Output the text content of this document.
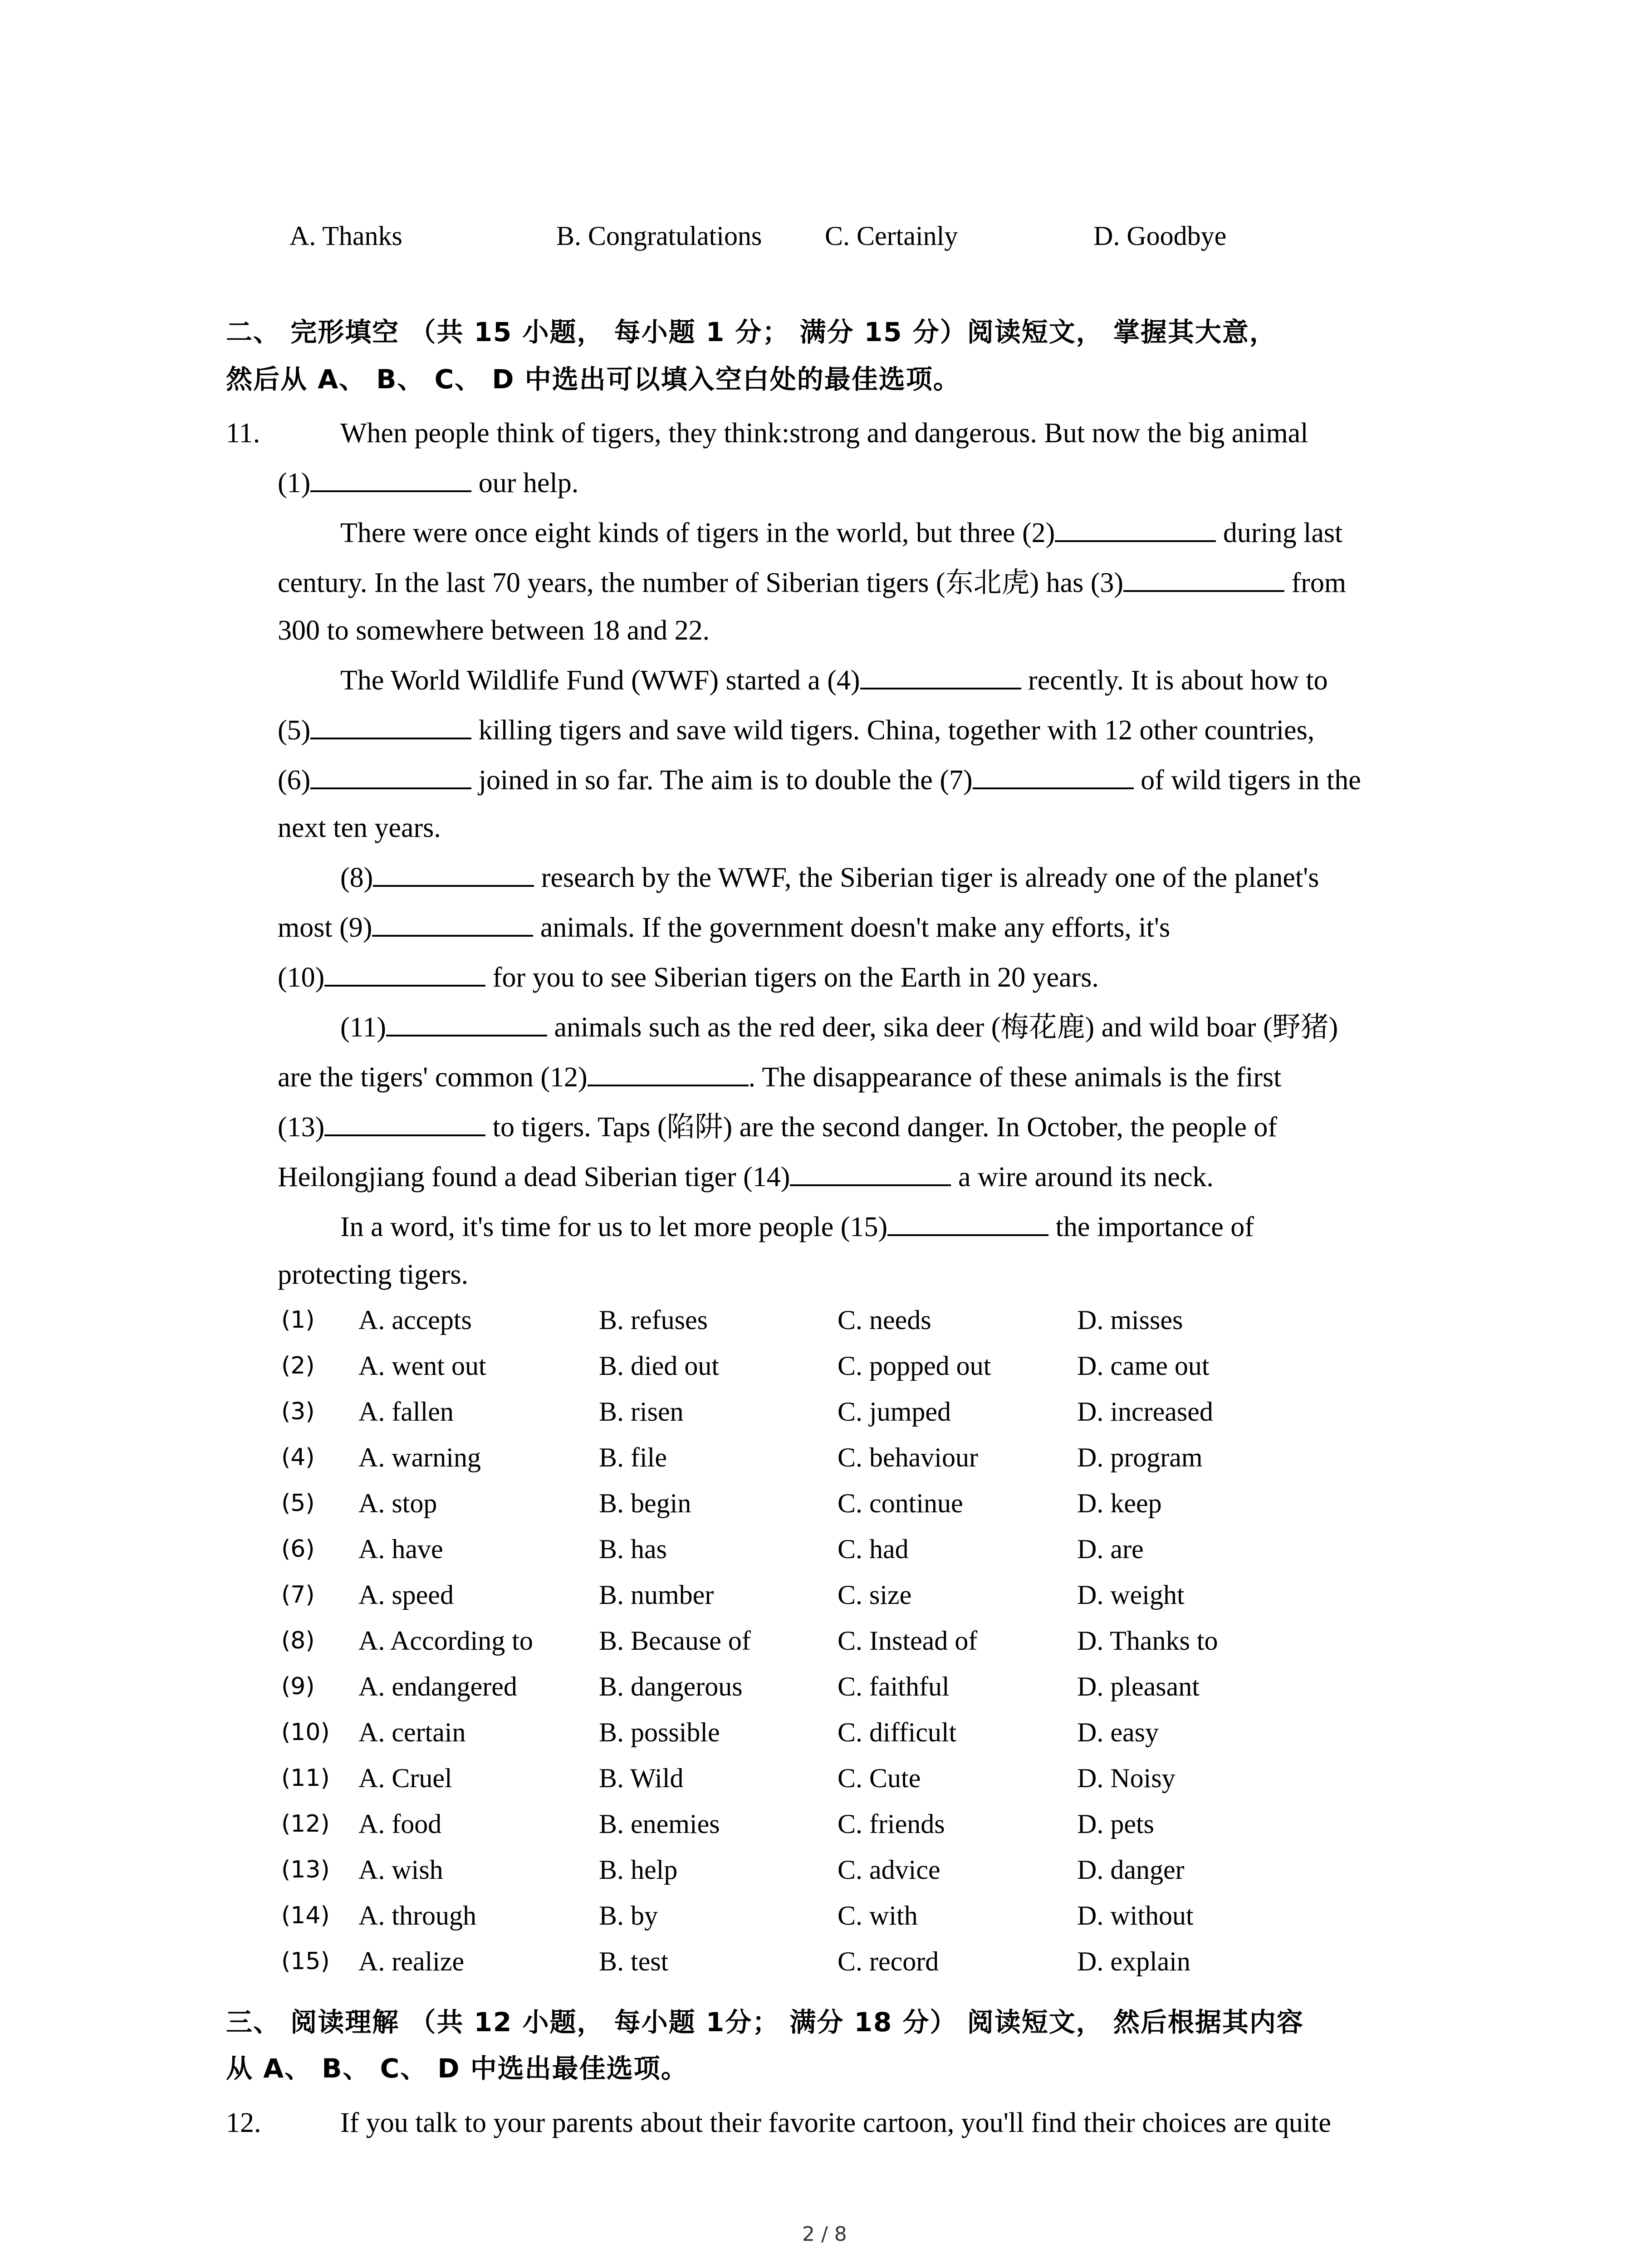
A. Thanks	B. Congratulations C. Certainly	D. Goodbye
二、 完形填空 （共 15 小题， 每小题 1 分； 满分 15 分）阅读短文， 掌握其大意，
然后从 A、 B、 C、 D 中选出可以填入空白处的最佳选项。
11.	When people think of tigers, they think:strong and dangerous. But now the big animal
(1)	our help.
There were once eight kinds of tigers in the world, but three (2)	during last
century. In the last 70 years, the number of Siberian tigers (东北虎) has (3)	from
300 to somewhere between 18 and 22.
The World Wildlife Fund (WWF) started a (4)	recently. It is about how to
(5)	killing tigers and save wild tigers. China, together with 12 other countries,
(6)	joined in so far. The aim is to double the (7)	of wild tigers in the
next ten years.
(8)	research by the WWF, the Siberian tiger is already one of the planet's
most (9)	animals. If the government doesn't make any efforts, it's
(10)	for you to see Siberian tigers on the Earth in 20 years.
(11)	animals such as the red deer, sika deer (梅花鹿) and wild boar (野猪)
are the tigers' common (12)	. The disappearance of these animals is the first
(13)	to tigers. Taps (陷阱) are the second danger. In October, the people of
Heilongjiang found a dead Siberian tiger (14)	a wire around its neck.
In a word, it's time for us to let more people (15)	the importance of
protecting tigers.
(1) A. accepts	B. refuses	C. needs	D. misses
(2) A. went out	B. died out	C. popped out	D. came out
(3) A. fallen	B. risen	C. jumped	D. increased
(4) A. warning	B. file	C. behaviour	D. program
(5) A. stop	B. begin	C. continue	D. keep
(6) A. have	B. has	C. had	D. are
(7) A. speed	B. number	C. size	D. weight
(8) A. According to B. Because of	C. Instead of	D. Thanks to
(9) A. endangered	B. dangerous	C. faithful	D. pleasant
(10) A. certain	B. possible	C. difficult	D. easy
(11) A. Cruel	B. Wild	C. Cute	D. Noisy
(12) A. food	B. enemies	C. friends	D. pets
(13) A. wish	B. help	C. advice	D. danger
(14) A. through	B. by	C. with	D. without
(15) A. realize	B. test	C. record	D. explain
三、 阅读理解 （共 12 小题， 每小题 1分； 满分 18 分） 阅读短文， 然后根据其内容
从 A、 B、 C、 D 中选出最佳选项。
12.	If you talk to your parents about their favorite cartoon, you'll find their choices are quite
2 / 8
